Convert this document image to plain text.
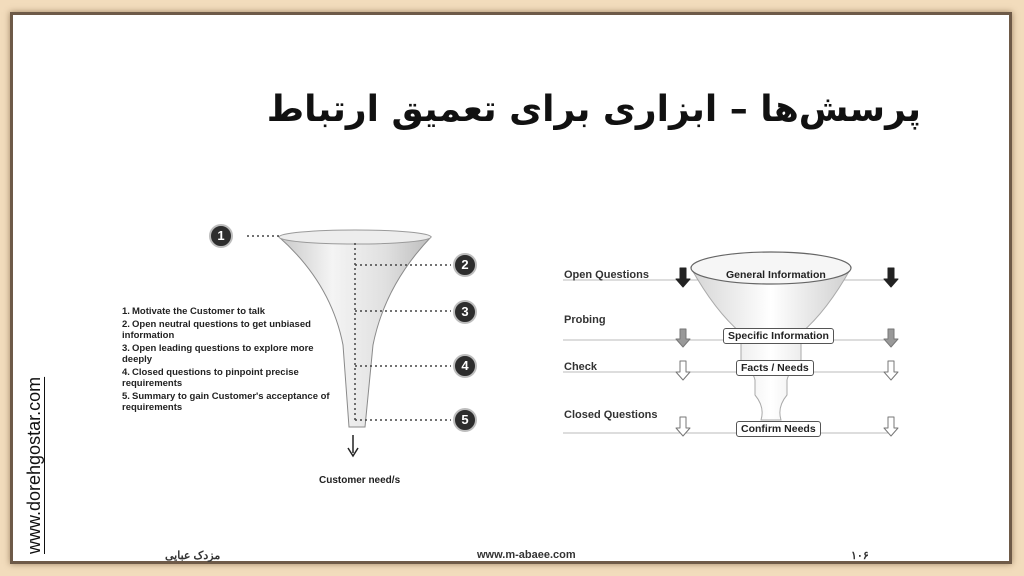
پرسش‌ها – ابزاری برای تعمیق ارتباط
1
2
3
4
5
1. Motivate the Customer to talk
2. Open neutral questions to get unbiased information
3. Open leading questions to explore more deeply
4. Closed questions to pinpoint precise requirements
5. Summary to gain Customer's acceptance of requirements
Customer need/s
Open Questions
Probing
Check
Closed Questions
General Information
Specific Information
Facts / Needs
Confirm Needs
مزدک عبایی	www.m-abaee.com	۱۰۶
www.dorehgostar.com
